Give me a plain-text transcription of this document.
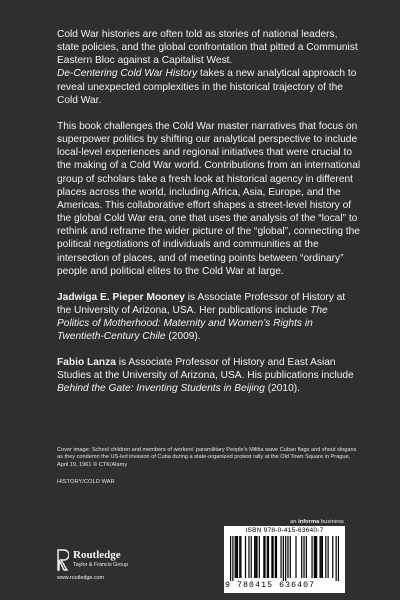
Cold War histories are often told as stories of national leaders, state policies, and the global confrontation that pitted a Communist Eastern Bloc against a Capitalist West.
De-Centering Cold War History takes a new analytical approach to reveal unexpected complexities in the historical trajectory of the Cold War.

This book challenges the Cold War master narratives that focus on superpower politics by shifting our analytical perspective to include local-level experiences and regional initiatives that were crucial to the making of a Cold War world. Contributions from an international group of scholars take a fresh look at historical agency in different places across the world, including Africa, Asia, Europe, and the Americas. This collaborative effort shapes a street-level history of the global Cold War era, one that uses the analysis of the “local” to rethink and reframe the wider picture of the “global”, connecting the political negotiations of individuals and communities at the intersection of places, and of meeting points between “ordinary” people and political elites to the Cold War at large.

Jadwiga E. Pieper Mooney is Associate Professor of History at the University of Arizona, USA. Her publications include The Politics of Motherhood: Maternity and Women’s Rights in Twentieth-Century Chile (2009).

Fabio Lanza is Associate Professor of History and East Asian Studies at the University of Arizona, USA. His publications include Behind the Gate: Inventing Students in Beijing (2010).

Cover image: School children and members of workers’ paramilitary People’s Militia wave Cuban flags and shout slogans as they condemn the US-led invasion of Cuba during a state-organized protest rally at the Old Town Square in Prague, April 19, 1961 © CTK/Alamy
HISTORY/COLD WAR
an informa business
ISBN 978-0-415-63640-7
9 780415 636407
Routledge
Taylor & Francis Group
www.routledge.com
